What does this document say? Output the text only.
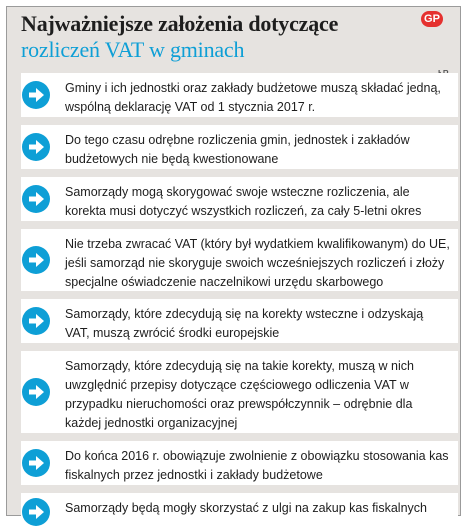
Najważniejsze założenia dotyczące
rozliczeń VAT w gminach
GP
Gminy i ich jednostki oraz zakłady budżetowe muszą składać jedną, wspólną deklarację VAT od 1 stycznia 2017 r.
Do tego czasu odrębne rozliczenia gmin, jednostek i zakładów budżetowych nie będą kwestionowane
Samorządy mogą skorygować swoje wsteczne rozliczenia, ale korekta musi dotyczyć wszystkich rozliczeń, za cały 5-letni okres
Nie trzeba zwracać VAT (który był wydatkiem kwalifikowanym) do UE, jeśli samorząd nie skoryguje swoich wcześniejszych rozliczeń i złoży specjalne oświadczenie naczelnikowi urzędu skarbowego
Samorządy, które zdecydują się na korekty wsteczne i odzyskają VAT, muszą zwrócić środki europejskie
Samorządy, które zdecydują się na takie korekty, muszą w nich uwzględnić przepisy dotyczące częściowego odliczenia VAT w przypadku nieruchomości oraz prewspółczynnik – odrębnie dla każdej jednostki organizacyjnej
Do końca 2016 r. obowiązuje zwolnienie z obowiązku stosowania kas fiskalnych przez jednostki i zakłady budżetowe
Samorządy będą mogły skorzystać z ulgi na zakup kas fiskalnych
